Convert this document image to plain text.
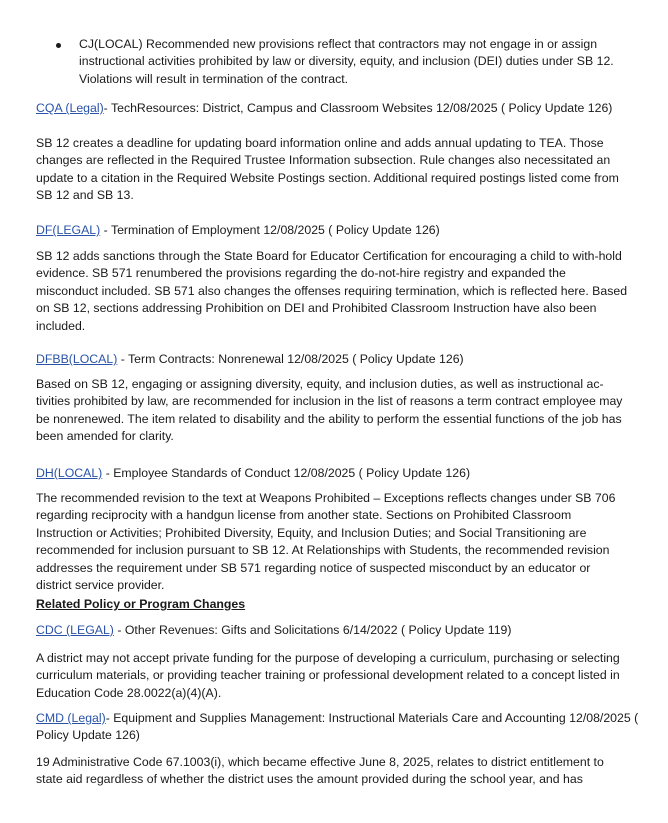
CJ(LOCAL) Recommended new provisions reflect that contractors may not engage in or assign instructional activities prohibited by law or diversity, equity, and inclusion (DEI) duties under SB 12. Violations will result in termination of the contract.
CQA (Legal)- TechResources: District, Campus and Classroom Websites 12/08/2025 ( Policy Update 126)

SB 12 creates a deadline for updating board information online and adds annual updating to TEA. Those changes are reflected in the Required Trustee Information subsection. Rule changes also necessitated an update to a citation in the Required Website Postings section. Additional required postings listed come from SB 12 and SB 13.

DF(LEGAL) - Termination of Employment 12/08/2025 ( Policy Update 126)

SB 12 adds sanctions through the State Board for Educator Certification for encouraging a child to with-hold evidence. SB 571 renumbered the provisions regarding the do-not-hire registry and expanded the misconduct included. SB 571 also changes the offenses requiring termination, which is reflected here. Based on SB 12, sections addressing Prohibition on DEI and Prohibited Classroom Instruction have also been included.

DFBB(LOCAL) - Term Contracts: Nonrenewal 12/08/2025 ( Policy Update 126)

Based on SB 12, engaging or assigning diversity, equity, and inclusion duties, as well as instructional ac-tivities prohibited by law, are recommended for inclusion in the list of reasons a term contract employee may be nonrenewed. The item related to disability and the ability to perform the essential functions of the job has been amended for clarity.

DH(LOCAL) - Employee Standards of Conduct 12/08/2025 ( Policy Update 126)

The recommended revision to the text at Weapons Prohibited – Exceptions reflects changes under SB 706 regarding reciprocity with a handgun license from another state. Sections on Prohibited Classroom Instruction or Activities; Prohibited Diversity, Equity, and Inclusion Duties; and Social Transitioning are recommended for inclusion pursuant to SB 12. At Relationships with Students, the recommended revision addresses the requirement under SB 571 regarding notice of suspected misconduct by an educator or district service provider.

Related Policy or Program Changes
CDC (LEGAL) - Other Revenues: Gifts and Solicitations 6/14/2022 ( Policy Update 119)

A district may not accept private funding for the purpose of developing a curriculum, purchasing or selecting curriculum materials, or providing teacher training or professional development related to a concept listed in Education Code 28.0022(a)(4)(A).

CMD (Legal)- Equipment and Supplies Management: Instructional Materials Care and Accounting 12/08/2025 ( Policy Update 126)

19 Administrative Code 67.1003(i), which became effective June 8, 2025, relates to district entitlement to state aid regardless of whether the district uses the amount provided during the school year, and has
